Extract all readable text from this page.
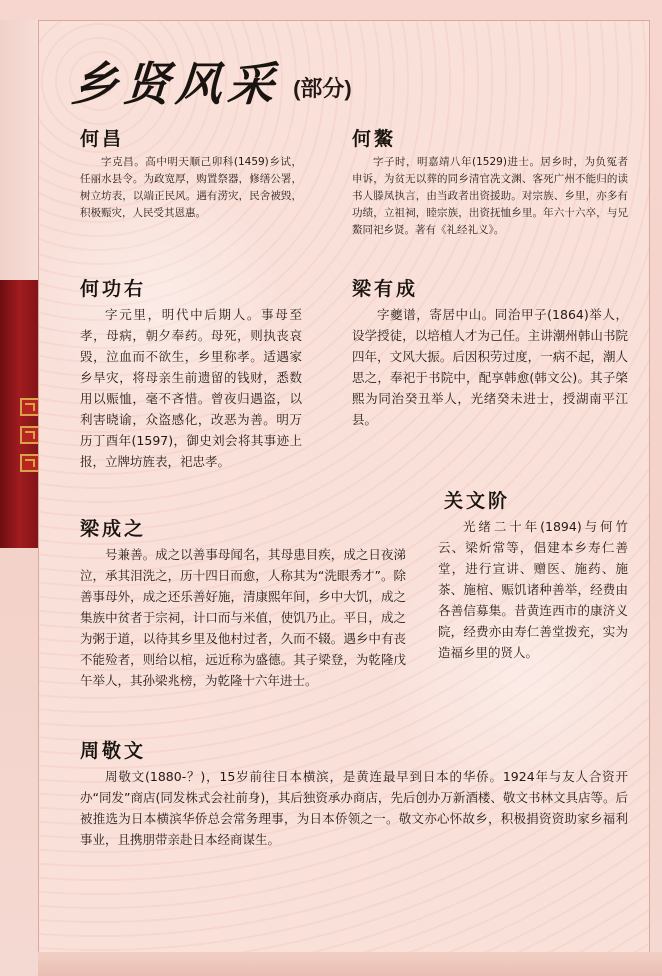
乡贤风采 (部分)
何昌

字克昌。高中明天顺己卯科(1459)乡试，任丽水县令。为政宽厚，购置祭器，修缮公署，树立坊表，以端正民风。遇有涝灾，民舍被毁，积极赈灾，人民受其恩惠。

何鰲

字子时，明嘉靖八年(1529)进士。居乡时，为负冤者申诉，为贫无以葬的同乡清官冼文渊、客死广州不能归的读书人滕凤执言，由当政者出资援助。对宗族、乡里，亦多有功绩，立祖祠，睦宗族，出资抚恤乡里。年六十六卒，与兄鰲同祀乡贤。著有《礼经礼义》。

何功右

字元里，明代中后期人。事母至孝，母病，朝夕奉药。母死，则执丧哀毁，泣血而不欲生，乡里称孝。适遇家乡旱灾，将母亲生前遗留的钱财，悉数用以赈恤，毫不吝惜。曾夜归遇盗，以利害晓谕，众盗感化，改恶为善。明万历丁酉年(1597)，御史刘会将其事迹上报，立牌坊旌表，祀忠孝。

梁有成

字夔谱，寄居中山。同治甲子(1864)举人，设学授徒，以培植人才为己任。主讲潮州韩山书院四年，文风大振。后因积劳过度，一病不起，潮人思之，奉祀于书院中，配享韩愈(韩文公)。其子棨熙为同治癸丑举人，光绪癸未进士，授湖南平江县。

关文阶

光绪二十年(1894)与何竹云、梁炘常等，倡建本乡寿仁善堂，进行宣讲、赠医、施药、施茶、施棺、赈饥诸种善举，经费由各善信募集。昔黄连西市的康济义院，经费亦由寿仁善堂拨充，实为造福乡里的贤人。

梁成之

号兼善。成之以善事母闻名，其母患目疾，成之日夜涕泣，承其泪洗之，历十四日而愈，人称其为“洗眼秀才”。除善事母外，成之还乐善好施，清康熙年间，乡中大饥，成之集族中贫者于宗祠，计口而与米值，使饥乃止。平日，成之为粥于道，以待其乡里及他村过者，久而不辍。遇乡中有丧不能殓者，则给以棺，远近称为盛德。其子梁登，为乾隆戊午举人，其孙梁兆榜，为乾隆十六年进士。

周敬文

周敬文(1880-？)，15岁前往日本横滨，是黄连最早到日本的华侨。1924年与友人合资开办“同发”商店(同发株式会社前身)，其后独资承办商店，先后创办万新酒楼、敬文书林文具店等。后被推选为日本横滨华侨总会常务理事，为日本侨领之一。敬文亦心怀故乡，积极捐资资助家乡福利事业，且携朋带亲赴日本经商谋生。
